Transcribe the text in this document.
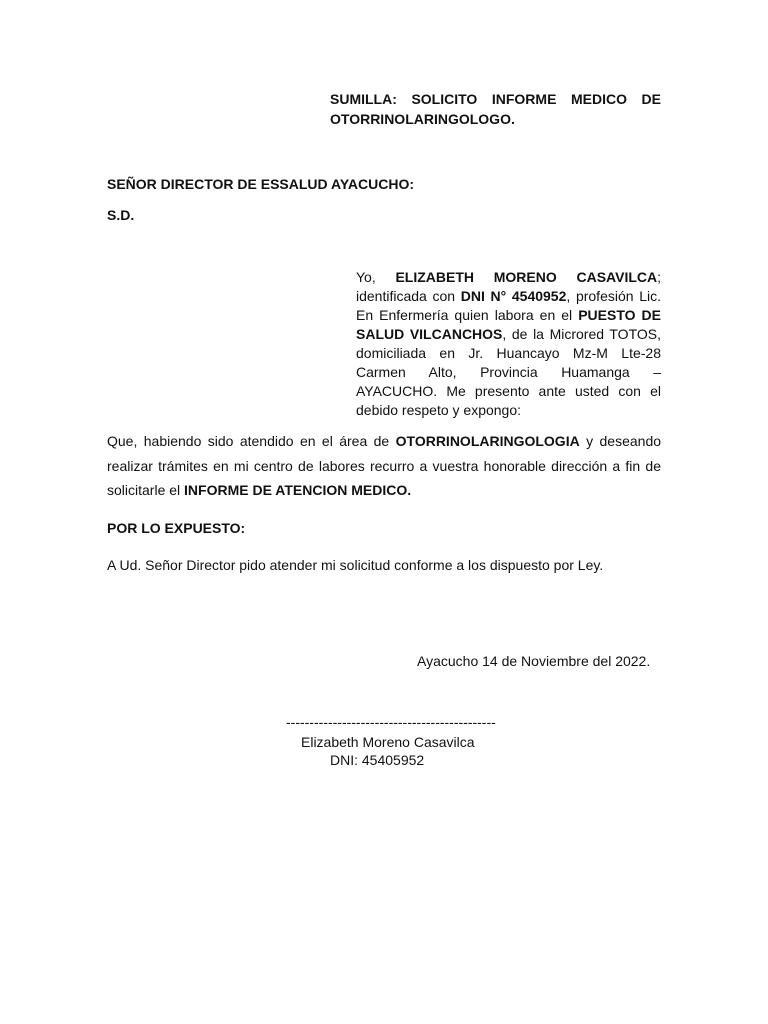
SUMILLA: SOLICITO INFORME MEDICO DE
OTORRINOLARINGOLOGO.
SEÑOR DIRECTOR DE ESSALUD AYACUCHO:
S.D.
Yo, ELIZABETH MORENO CASAVILCA;
identificada con DNI N° 4540952, profesión Lic.
En Enfermería quien labora en el PUESTO DE
SALUD VILCANCHOS, de la Microred TOTOS,
domiciliada en Jr. Huancayo Mz-M Lte-28
Carmen Alto, Provincia Huamanga –
AYACUCHO. Me presento ante usted con el
debido respeto y expongo:
Que, habiendo sido atendido en el área de OTORRINOLARINGOLOGIA y deseando
realizar trámites en mi centro de labores recurro a vuestra honorable dirección a fin de
solicitarle el INFORME DE ATENCION MEDICO.
POR LO EXPUESTO:
A Ud. Señor Director pido atender mi solicitud conforme a los dispuesto por Ley.
Ayacucho 14 de Noviembre del 2022.
---------------------------------------------
Elizabeth Moreno Casavilca
DNI: 45405952
